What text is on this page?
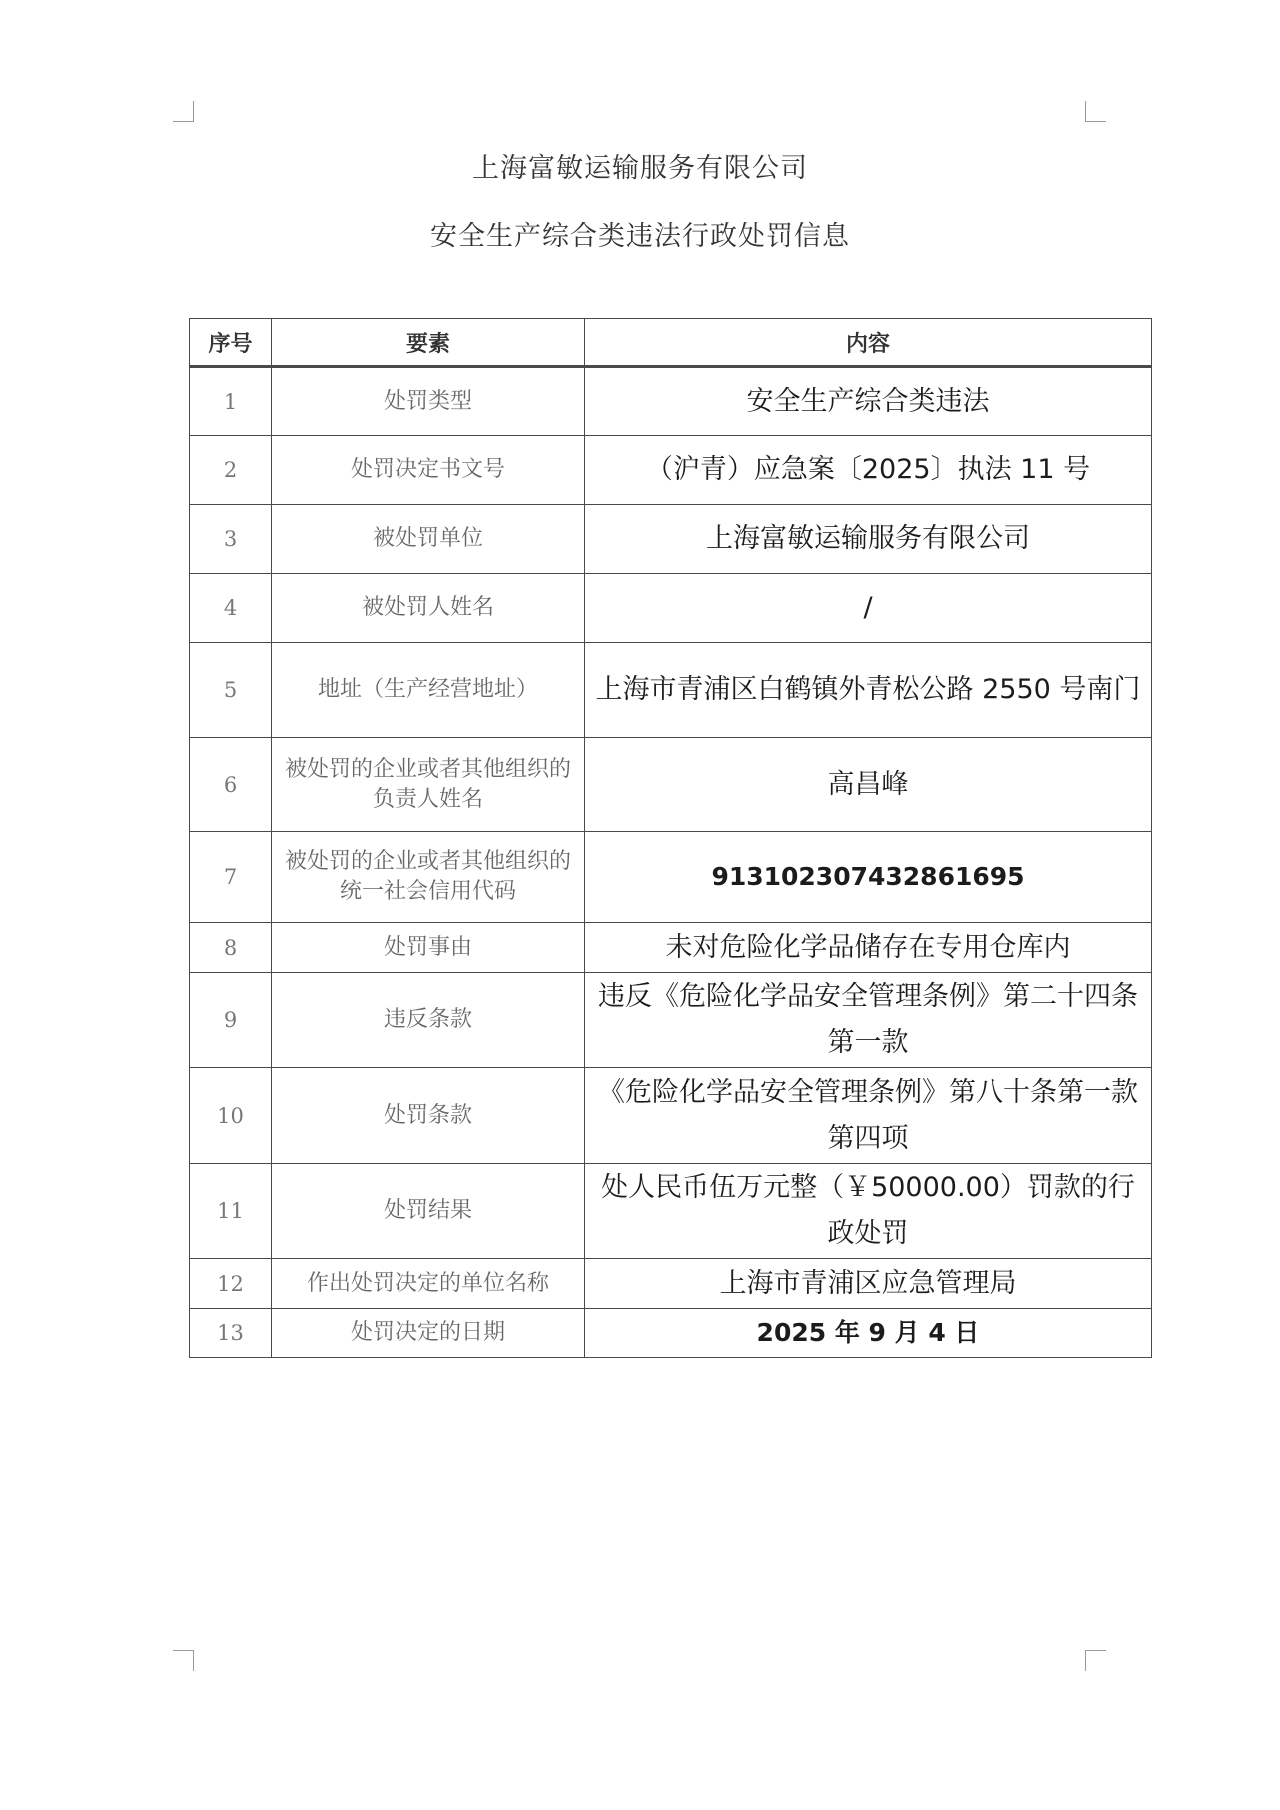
上海富敏运输服务有限公司
安全生产综合类违法行政处罚信息
序号	要素	内容
1	处罚类型	安全生产综合类违法
2	处罚决定书文号	（沪青）应急案〔2025〕执法 11 号
3	被处罚单位	上海富敏运输服务有限公司
4	被处罚人姓名	/
5	地址（生产经营地址）	上海市青浦区白鹤镇外青松公路 2550 号南门
6	被处罚的企业或者其他组织的负责人姓名	高昌峰
7	被处罚的企业或者其他组织的统一社会信用代码	913102307432861695
8	处罚事由	未对危险化学品储存在专用仓库内
9	违反条款	违反《危险化学品安全管理条例》第二十四条第一款
10	处罚条款	《危险化学品安全管理条例》第八十条第一款第四项
11	处罚结果	处人民币伍万元整（￥50000.00）罚款的行政处罚
12	作出处罚决定的单位名称	上海市青浦区应急管理局
13	处罚决定的日期	2025 年 9 月 4 日
